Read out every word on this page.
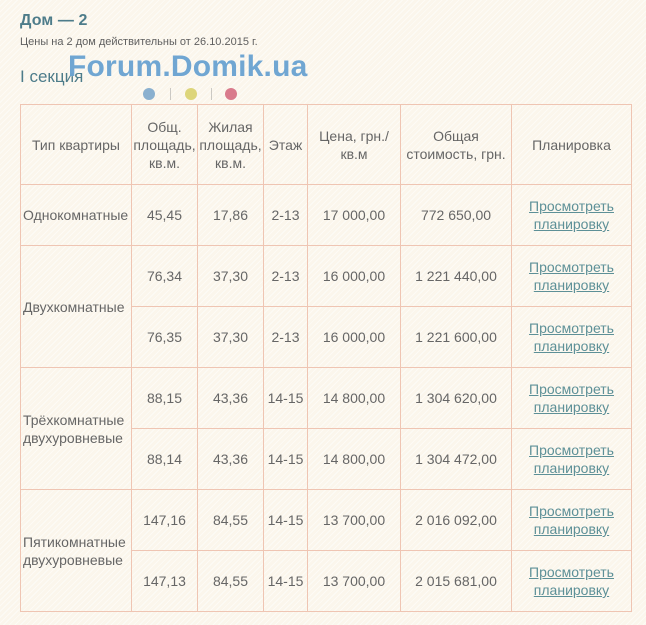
Дом — 2
Цены на 2 дом действительны от 26.10.2015 г.
I секция
Forum.Domik.ua
Тип квартиры	Общ. площадь, кв.м.	Жилая площадь, кв.м.	Этаж	Цена, грн./ кв.м	Общая стоимость, грн.	Планировка

Однокомнатные	45,45	17,86	2-13	17 000,00	772 650,00	Просмотреть планировку
Двухкомнатные	76,34	37,30	2-13	16 000,00	1 221 440,00	Просмотреть планировку
	76,35	37,30	2-13	16 000,00	1 221 600,00	Просмотреть планировку
Трёхкомнатные двухуровневые	88,15	43,36	14-15	14 800,00	1 304 620,00	Просмотреть планировку
	88,14	43,36	14-15	14 800,00	1 304 472,00	Просмотреть планировку
Пятикомнатные двухуровневые	147,16	84,55	14-15	13 700,00	2 016 092,00	Просмотреть планировку
	147,13	84,55	14-15	13 700,00	2 015 681,00	Просмотреть планировку
